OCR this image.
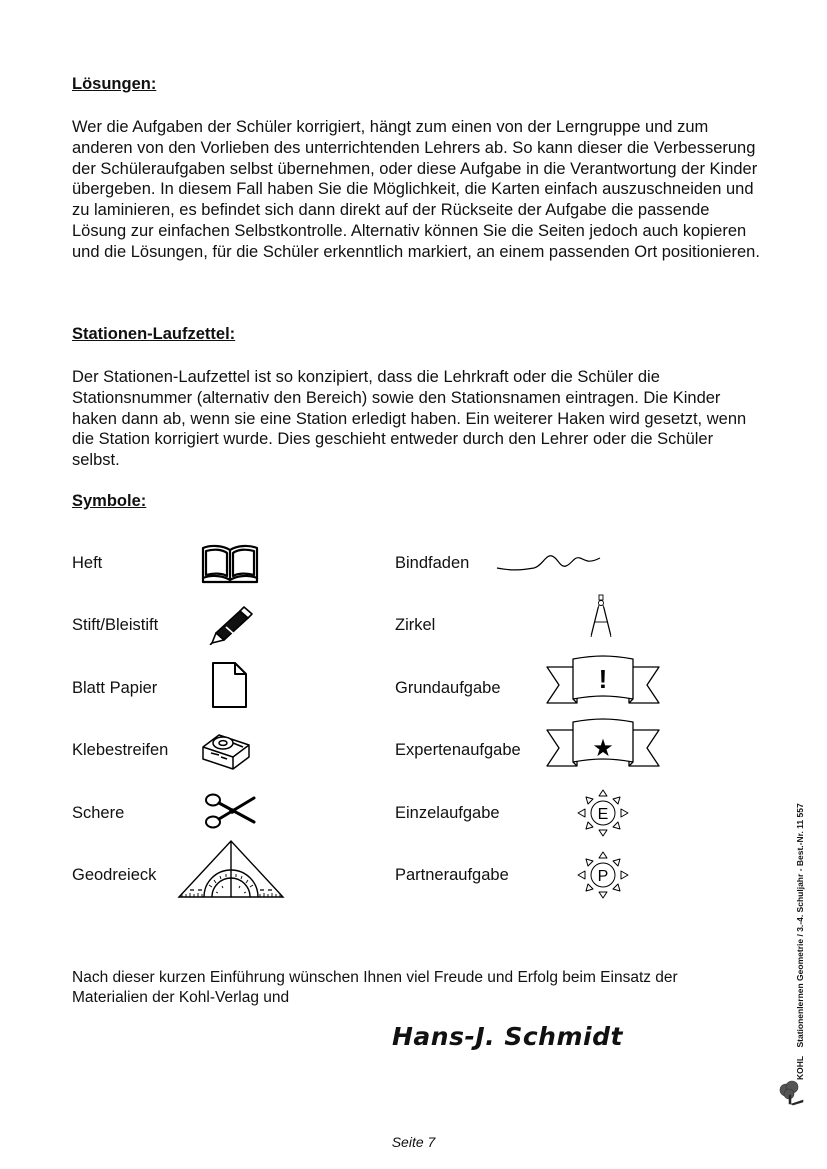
Lösungen:

Wer die Aufgaben der Schüler korrigiert, hängt zum einen von der Lerngruppe und zum anderen von den Vorlieben des unterrichtenden Lehrers ab. So kann dieser die Verbesserung der Schüleraufgaben selbst übernehmen, oder diese Aufgabe in die Verantwortung der Kinder übergeben. In diesem Fall haben Sie die Möglichkeit, die Karten einfach auszuschneiden und zu laminieren, es befindet sich dann direkt auf der Rückseite der Aufgabe die passende Lösung zur einfachen Selbstkontrolle. Alternativ können Sie die Seiten jedoch auch kopieren und die Lösungen, für die Schüler erkenntlich markiert, an einem passenden Ort positionieren.

Stationen-Laufzettel:

Der Stationen-Laufzettel ist so konzipiert, dass die Lehrkraft oder die Schüler die Stationsnummer (alternativ den Bereich) sowie den Stationsnamen eintragen. Die Kinder haken dann ab, wenn sie eine Station erledigt haben. Ein weiterer Haken wird gesetzt, wenn die Station korrigiert wurde. Dies geschieht entweder durch den Lehrer oder die Schüler selbst.

Symbole:

Heft
Stift/Bleistift
Blatt Papier
Klebestreifen
Schere
Geodreieck
Bindfaden
Zirkel
Grundaufgabe
Expertenaufgabe
Einzelaufgabe
Partneraufgabe
!
★
E
P

Nach dieser kurzen Einführung wünschen Ihnen viel Freude und Erfolg beim Einsatz der Materialien der Kohl-Verlag und

Hans-J. Schmidt
Seite 7
KOHL Stationenlernen Geometrie / 3.-4. Schuljahr - Best.-Nr. 11 557
